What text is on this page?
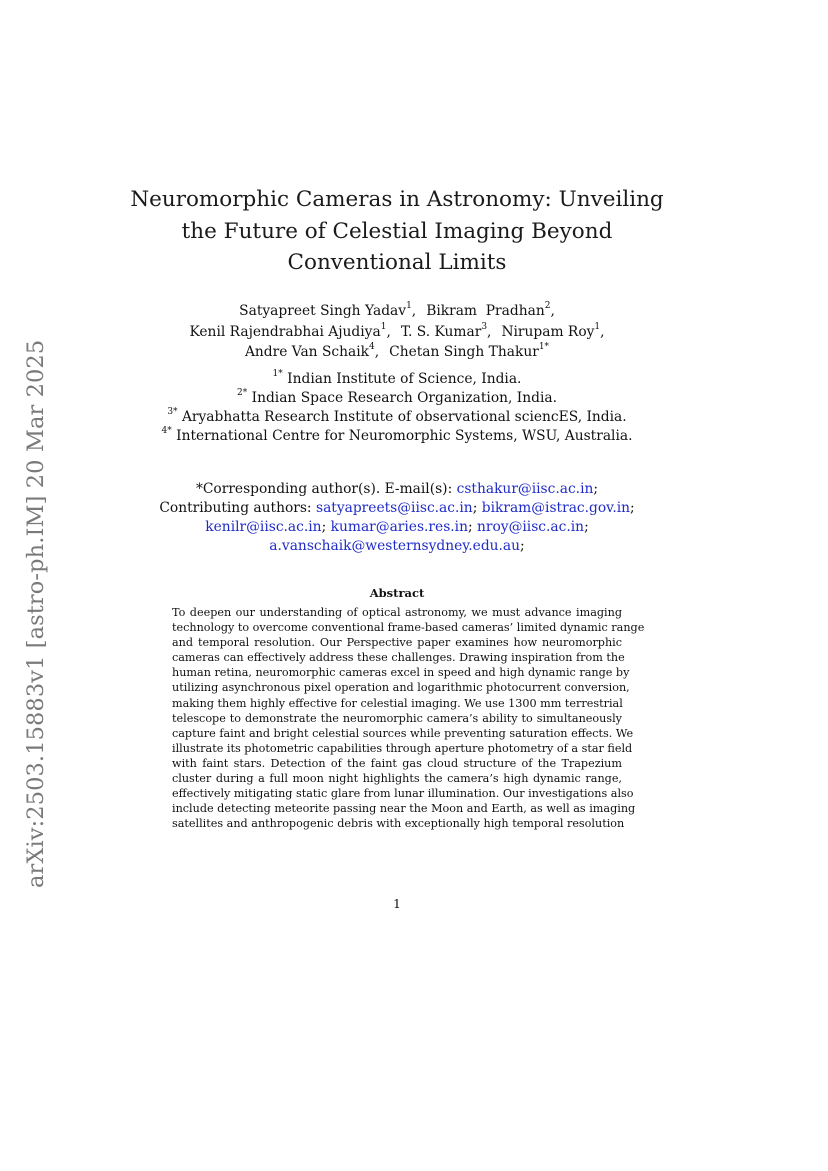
arXiv:2503.15883v1 [astro-ph.IM] 20 Mar 2025
Neuromorphic Cameras in Astronomy: Unveiling
the Future of Celestial Imaging Beyond
Conventional Limits
Satyapreet Singh Yadav$^1$, Bikram  Pradhan$^2$,
Kenil Rajendrabhai Ajudiya$^1$, T. S. Kumar$^3$, Nirupam Roy$^1$,
Andre Van Schaik$^4$, Chetan Singh Thakur$^{1*}$
$^{1*}$ Indian Institute of Science, India.
$^{2*}$ Indian Space Research Organization, India.
$^{3*}$ Aryabhatta Research Institute of observational sciencES, India.
$^{4*}$ International Centre for Neuromorphic Systems, WSU, Australia.
*Corresponding author(s). E-mail(s): csthakur@iisc.ac.in;
Contributing authors: satyapreets@iisc.ac.in; bikram@istrac.gov.in;
kenilr@iisc.ac.in; kumar@aries.res.in; nroy@iisc.ac.in;
a.vanschaik@westernsydney.edu.au;
Abstract
To deepen our understanding of optical astronomy, we must advance imaging
technology to overcome conventional frame-based cameras’ limited dynamic range
and temporal resolution. Our Perspective paper examines how neuromorphic
cameras can effectively address these challenges. Drawing inspiration from the
human retina, neuromorphic cameras excel in speed and high dynamic range by
utilizing asynchronous pixel operation and logarithmic photocurrent conversion,
making them highly effective for celestial imaging. We use 1300 mm terrestrial
telescope to demonstrate the neuromorphic camera’s ability to simultaneously
capture faint and bright celestial sources while preventing saturation effects. We
illustrate its photometric capabilities through aperture photometry of a star field
with faint stars. Detection of the faint gas cloud structure of the Trapezium
cluster during a full moon night highlights the camera’s high dynamic range,
effectively mitigating static glare from lunar illumination. Our investigations also
include detecting meteorite passing near the Moon and Earth, as well as imaging
satellites and anthropogenic debris with exceptionally high temporal resolution
1
